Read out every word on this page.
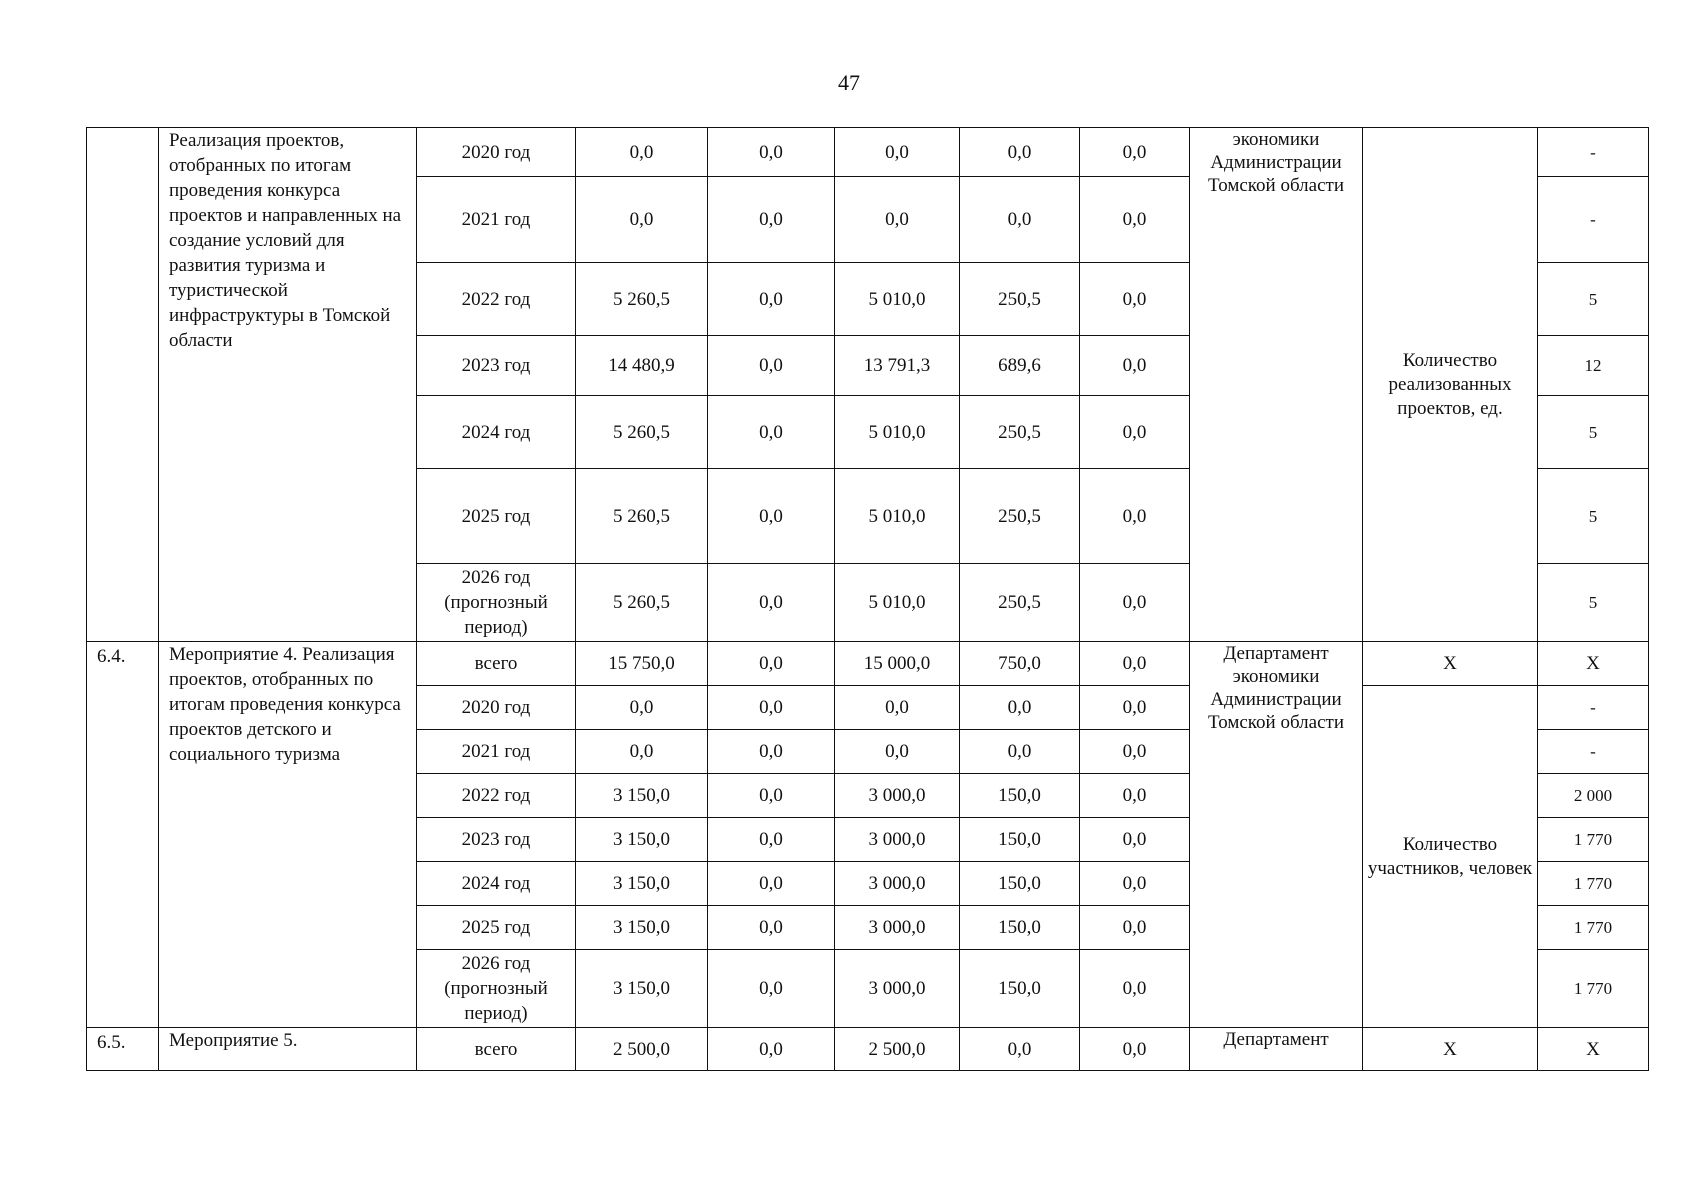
47
	Реализация проектов, отобранных по итогам проведения конкурса проектов и направленных на создание условий для развития туризма и туристической инфраструктуры в Томской области	2020 год	0,0	0,0	0,0	0,0	0,0	экономики Администрации Томской области	Количество реализованных проектов, ед.	-
		2021 год	0,0	0,0	0,0	0,0	0,0			-
		2022 год	5 260,5	0,0	5 010,0	250,5	0,0			5
		2023 год	14 480,9	0,0	13 791,3	689,6	0,0			12
		2024 год	5 260,5	0,0	5 010,0	250,5	0,0			5
		2025 год	5 260,5	0,0	5 010,0	250,5	0,0			5
		2026 год (прогнозный период)	5 260,5	0,0	5 010,0	250,5	0,0			5
6.4.	Мероприятие 4. Реализация проектов, отобранных по итогам проведения конкурса проектов детского и социального туризма	всего	15 750,0	0,0	15 000,0	750,0	0,0	Департамент экономики Администрации Томской области	X	X
		2020 год	0,0	0,0	0,0	0,0	0,0		Количество участников, человек	-
		2021 год	0,0	0,0	0,0	0,0	0,0			-
		2022 год	3 150,0	0,0	3 000,0	150,0	0,0			2 000
		2023 год	3 150,0	0,0	3 000,0	150,0	0,0			1 770
		2024 год	3 150,0	0,0	3 000,0	150,0	0,0			1 770
		2025 год	3 150,0	0,0	3 000,0	150,0	0,0			1 770
		2026 год (прогнозный период)	3 150,0	0,0	3 000,0	150,0	0,0			1 770
6.5.	Мероприятие 5.	всего	2 500,0	0,0	2 500,0	0,0	0,0	Департамент	X	X
